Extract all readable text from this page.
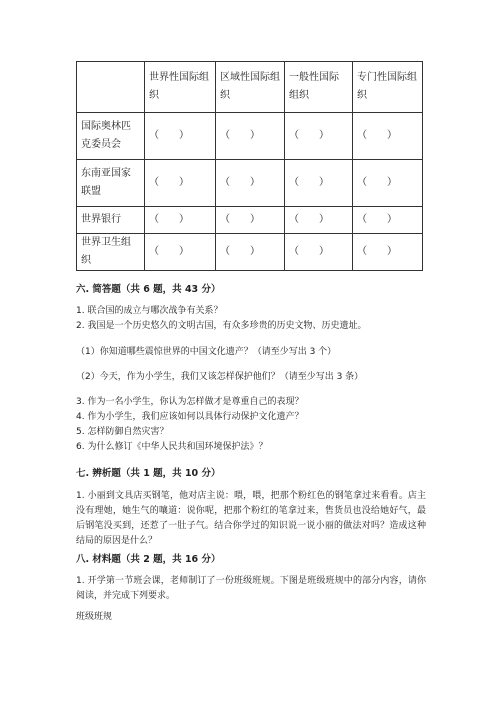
	世界性国际组织	区域性国际组织	一般性国际组织	专门性国际组织
国际奥林匹克委员会	（　　）	（　　）	（　　）	（　　）
东南亚国家联盟	（　　）	（　　）	（　　）	（　　）
世界银行	（　　）	（　　）	（　　）	（　　）
世界卫生组织	（　　）	（　　）	（　　）	（　　）
六. 简答题（共 6 题，共 43 分）
1. 联合国的成立与哪次战争有关系？
2. 我国是一个历史悠久的文明古国，有众多珍贵的历史文物、历史遗址。
（1）你知道哪些震惊世界的中国文化遗产？（请至少写出 3 个）
（2）今天，作为小学生，我们又该怎样保护他们？（请至少写出 3 条）
3. 作为一名小学生，你认为怎样做才是尊重自己的表现？
4. 作为小学生，我们应该如何以具体行动保护文化遗产？
5. 怎样防御自然灾害？
6. 为什么修订《中华人民共和国环境保护法》？
七. 辨析题（共 1 题，共 10 分）
1. 小丽到文具店买钢笔，他对店主说：喂，喂，把那个粉红色的钢笔拿过来看看。店主没有理她，她生气的嚷道：说你呢，把那个粉红的笔拿过来，售货员也没给她好气，最后钢笔没买到，还惹了一肚子气。结合你学过的知识说一说小丽的做法对吗？造成这种结局的原因是什么？
八. 材料题（共 2 题，共 16 分）
1. 开学第一节班会课，老师制订了一份班级班规。下图是班级班规中的部分内容，请你阅读，并完成下列要求。
班级班规
